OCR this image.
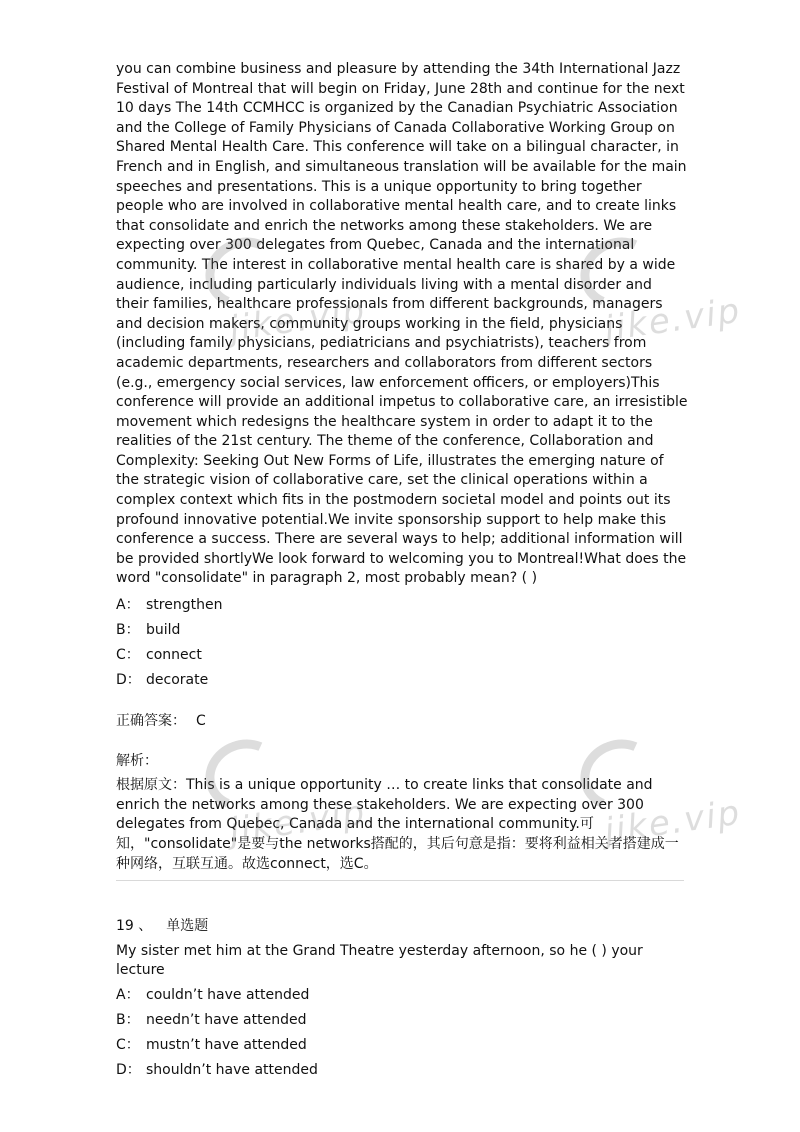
you can combine business and pleasure by attending the 34th International Jazz Festival of Montreal that will begin on Friday, June 28th and continue for the next 10 days The 14th CCMHCC is organized by the Canadian Psychiatric Association and the College of Family Physicians of Canada Collaborative Working Group on Shared Mental Health Care. This conference will take on a bilingual character, in French and in English, and simultaneous translation will be available for the main speeches and presentations. This is a unique opportunity to bring together people who are involved in collaborative mental health care, and to create links that consolidate and enrich the networks among these stakeholders. We are expecting over 300 delegates from Quebec, Canada and the international community. The interest in collaborative mental health care is shared by a wide audience, including particularly individuals living with a mental disorder and their families, healthcare professionals from different backgrounds, managers and decision makers, community groups working in the field, physicians (including family physicians, pediatricians and psychiatrists), teachers from academic departments, researchers and collaborators from different sectors (e.g., emergency social services, law enforcement officers, or employers)This conference will provide an additional impetus to collaborative care, an irresistible movement which redesigns the healthcare system in order to adapt it to the realities of the 21st century. The theme of the conference, Collaboration and Complexity: Seeking Out New Forms of Life, illustrates the emerging nature of the strategic vision of collaborative care, set the clinical operations within a complex context which fits in the postmodern societal model and points out its profound innovative potential.We invite sponsorship support to help make this conference a success. There are several ways to help; additional information will be provided shortlyWe look forward to welcoming you to Montreal!What does the word "consolidate" in paragraph 2, most probably mean? ( )

A： strengthen
B： build
C： connect
D： decorate
正确答案： C
解析：
根据原文：This is a unique opportunity … to create links that consolidate and enrich the networks among these stakeholders. We are expecting over 300 delegates from Quebec, Canada and the international community.可知，"consolidate"是要与the networks搭配的，其后句意是指：要将利益相关者搭建成一种网络，互联互通。故选connect，选C。
19 、 单选题
My sister met him at the Grand Theatre yesterday afternoon, so he ( ) your lecture
A： couldn’t have attended
B： needn’t have attended
C： mustn’t have attended
D： shouldn’t have attended
jike.vip	jike.vip
jike.vip	jike.vip
